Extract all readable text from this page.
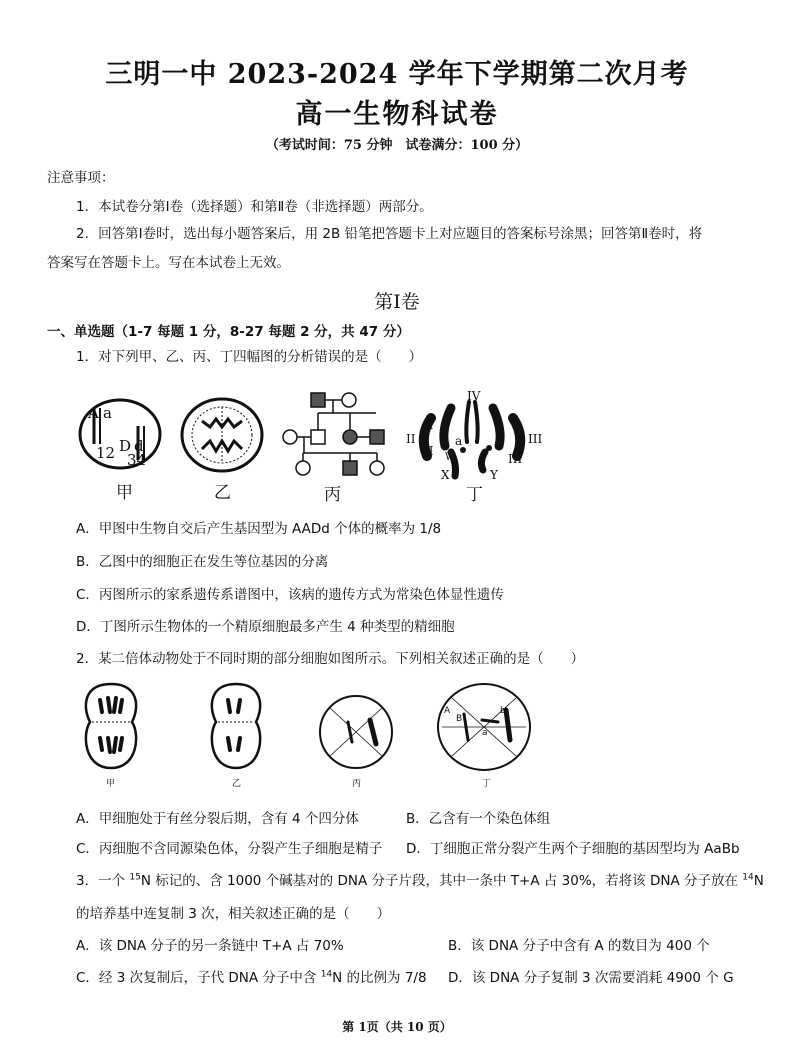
三明一中 2023-2024 学年下学期第二次月考
高一生物科试卷
（考试时间：75 分钟　试卷满分：100 分）
注意事项：
1．本试卷分第Ⅰ卷（选择题）和第Ⅱ卷（非选择题）两部分。
2．回答第Ⅰ卷时，选出每小题答案后，用 2B 铅笔把答题卡上对应题目的答案标号涂黑；回答第Ⅱ卷时，将
答案写在答题卡上。写在本试卷上无效。
第Ⅰ卷
一、单选题（1-7 每题 1 分，8-27 每题 2 分，共 47 分）
1．对下列甲、乙、丙、丁四幅图的分析错误的是（　　）
A a
12 D d
34
甲	乙	丙
IV
A
a
II
II
III
III
W
X	Y
丁
A．甲图中生物自交后产生基因型为 AADd 个体的概率为 1/8
B．乙图中的细胞正在发生等位基因的分离
C．丙图所示的家系遗传系谱图中，该病的遗传方式为常染色体显性遗传
D．丁图所示生物体的一个精原细胞最多产生 4 种类型的精细胞
2．某二倍体动物处于不同时期的部分细胞如图所示。下列相关叙述正确的是（　　）
甲	乙	丙
A
B
a
b
丁
A．甲细胞处于有丝分裂后期，含有 4 个四分体	B．乙含有一个染色体组
C．丙细胞不含同源染色体，分裂产生子细胞是精子 D．丁细胞正常分裂产生两个子细胞的基因型均为 AaBb
3．一个 $^{15}$N 标记的、含 1000 个碱基对的 DNA 分子片段，其中一条中 T+A 占 30%，若将该 DNA 分子放在 $^{14}$N
的培养基中连复制 3 次，相关叙述正确的是（　　）
A．该 DNA 分子的另一条链中 T+A 占 70%	B．该 DNA 分子中含有 A 的数目为 400 个
C．经 3 次复制后，子代 DNA 分子中含 $^{14}$N 的比例为 7/8 D．该 DNA 分子复制 3 次需要消耗 4900 个 G
第 1页（共 10 页）
